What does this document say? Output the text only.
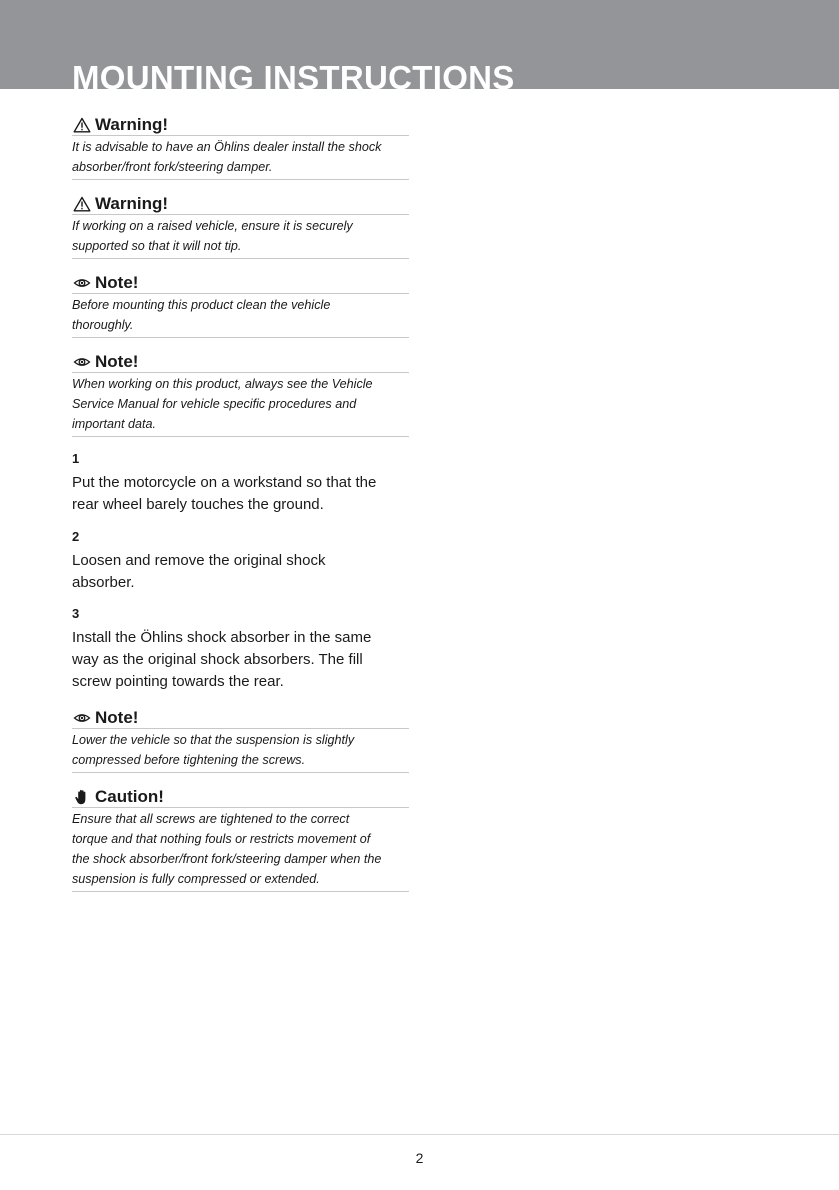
MOUNTING INSTRUCTIONS
Warning!
It is advisable to have an Öhlins dealer install the shock
absorber/front fork/steering damper.
Warning!
If working on a raised vehicle, ensure it is securely
supported so that it will not tip.
Note!
Before mounting this product clean the vehicle
thoroughly.
Note!
When working on this product, always see the Vehicle
Service Manual for vehicle specific procedures and
important data.
1
Put the motorcycle on a workstand so that the
rear wheel barely touches the ground.
2
Loosen and remove the original shock
absorber.
3
Install the Öhlins shock absorber in the same
way as the original shock absorbers. The fill
screw pointing towards the rear.
Note!
Lower the vehicle so that the suspension is slightly
compressed before tightening the screws.
Caution!
Ensure that all screws are tightened to the correct
torque and that nothing fouls or restricts movement of
the shock absorber/front fork/steering damper when the
suspension is fully compressed or extended.
2
